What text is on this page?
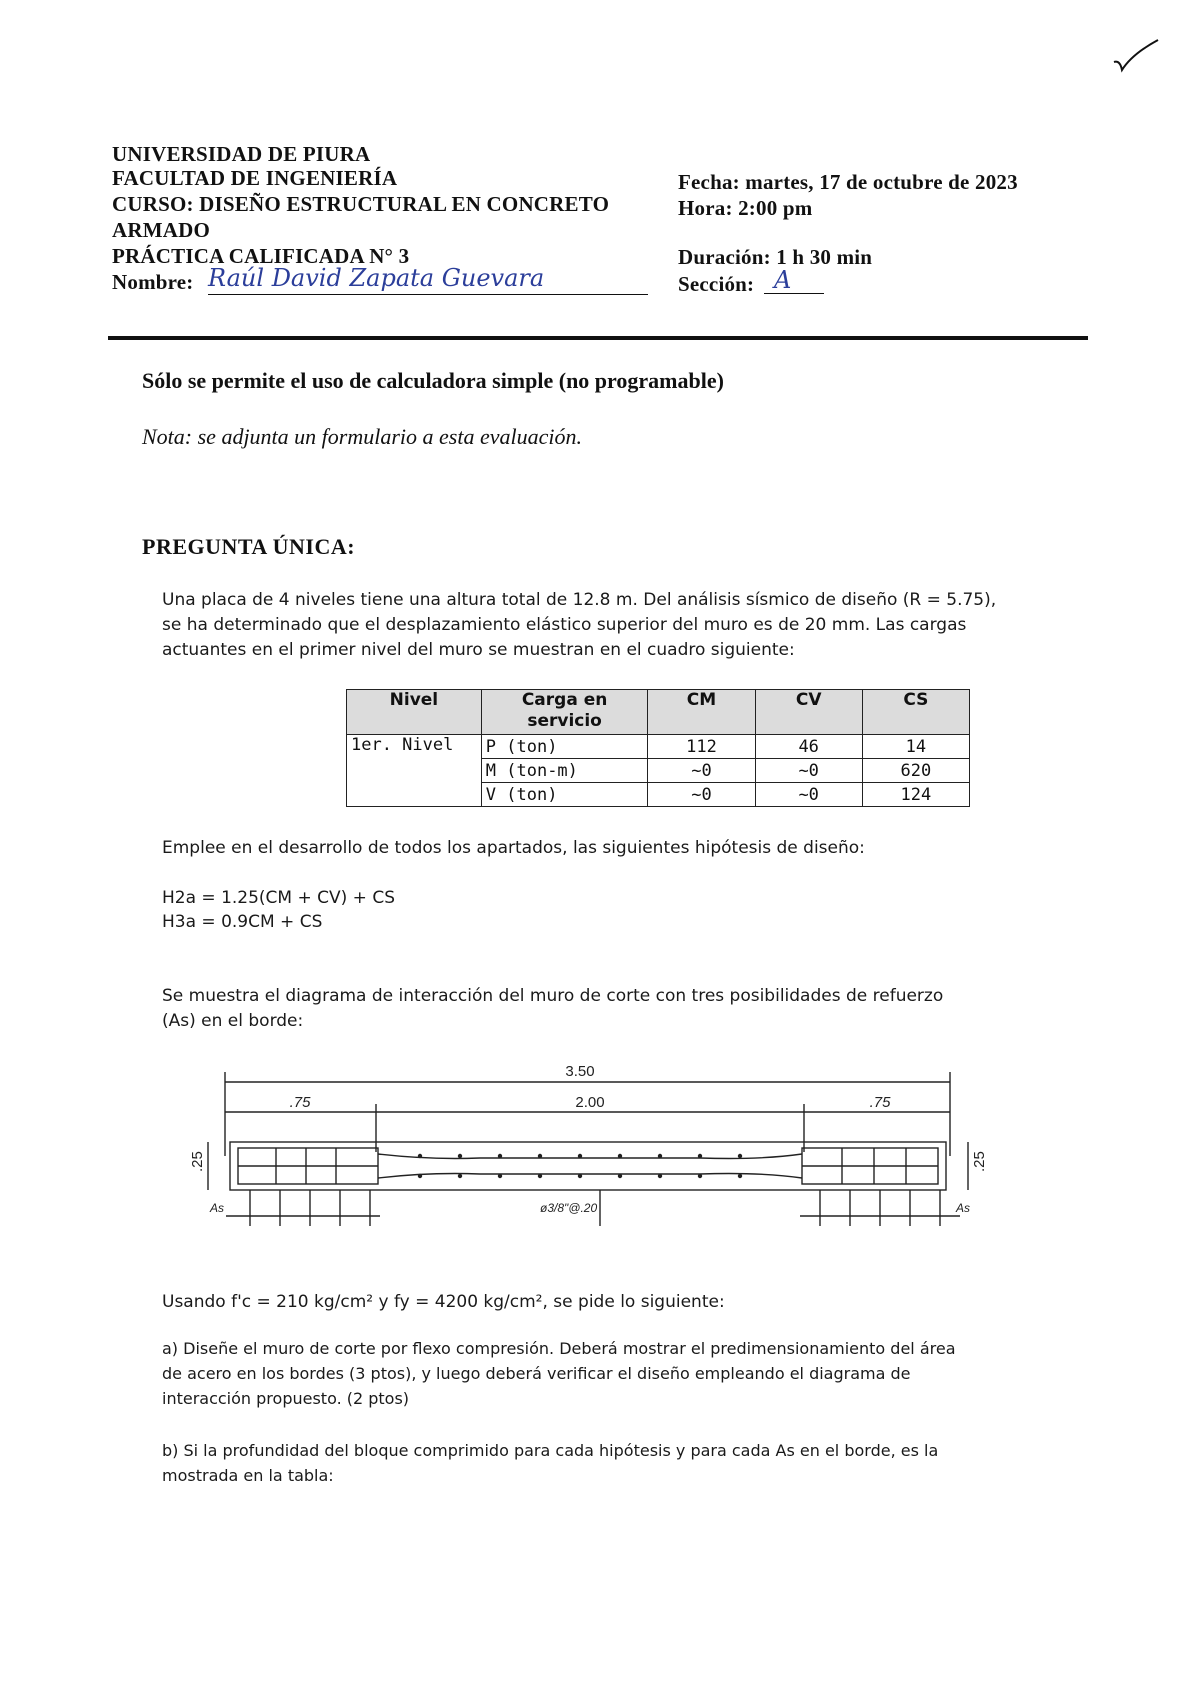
UNIVERSIDAD DE PIURA
FACULTAD DE INGENIERÍA
CURSO: DISEÑO ESTRUCTURAL EN CONCRETO
ARMADO
PRÁCTICA CALIFICADA N° 3
Nombre: Raúl David Zapata Guevara
Fecha: martes, 17 de octubre de 2023
Hora: 2:00 pm
Duración: 1 h 30 min
Sección: A
Sólo se permite el uso de calculadora simple (no programable)
Nota: se adjunta un formulario a esta evaluación.
PREGUNTA ÚNICA:
Una placa de 4 niveles tiene una altura total de 12.8 m. Del análisis sísmico de diseño (R = 5.75),
se ha determinado que el desplazamiento elástico superior del muro es de 20 mm. Las cargas
actuantes en el primer nivel del muro se muestran en el cuadro siguiente:
Nivel	Carga en servicio	CM	CV	CS
1er. Nivel	P (ton)	112	46	14
	M (ton-m)	~0	~0	620
	V (ton)	~0	~0	124
Emplee en el desarrollo de todos los apartados, las siguientes hipótesis de diseño:
H2a = 1.25(CM + CV) + CS
H3a = 0.9CM + CS
Se muestra el diagrama de interacción del muro de corte con tres posibilidades de refuerzo
(As) en el borde:
3.50
.75	2.00	.75
.25	.25
As	As
ø3/8"@.20
Usando f'c = 210 kg/cm² y fy = 4200 kg/cm², se pide lo siguiente:
a) Diseñe el muro de corte por flexo compresión. Deberá mostrar el predimensionamiento del área
de acero en los bordes (3 ptos), y luego deberá verificar el diseño empleando el diagrama de
interacción propuesto. (2 ptos)
b) Si la profundidad del bloque comprimido para cada hipótesis y para cada As en el borde, es la
mostrada en la tabla:
